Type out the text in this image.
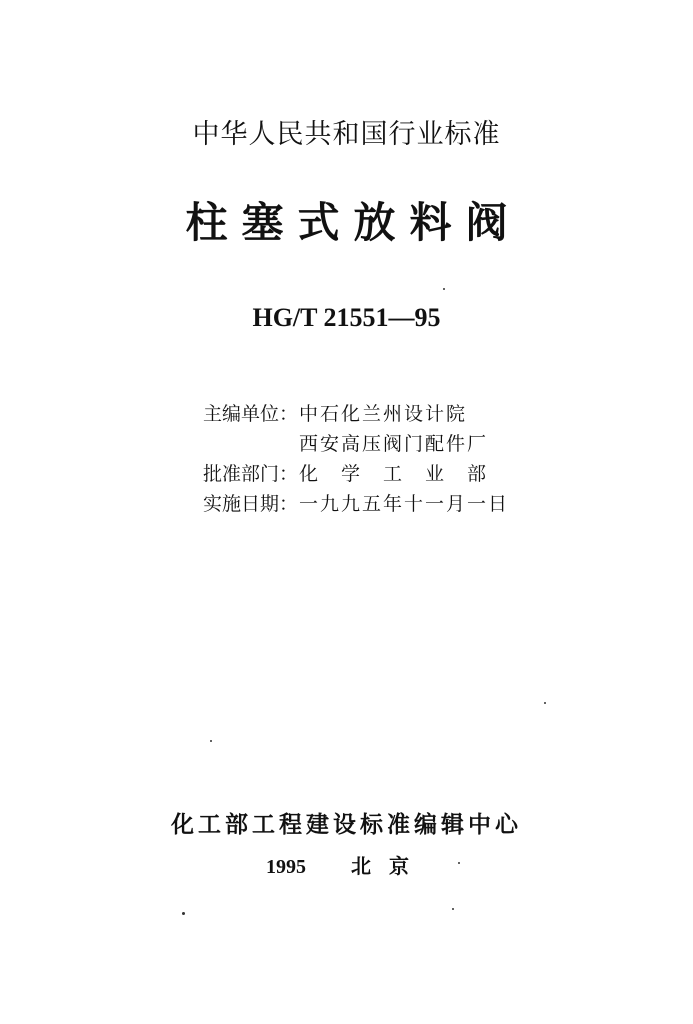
中华人民共和国行业标准
柱塞式放料阀
HG/T 21551—95
主编单位： 中石化兰州设计院
西安高压阀门配件厂
批准部门： 化　学　工　业　部
实施日期： 一九九五年十一月一日
化工部工程建设标准编辑中心
1995 北京
